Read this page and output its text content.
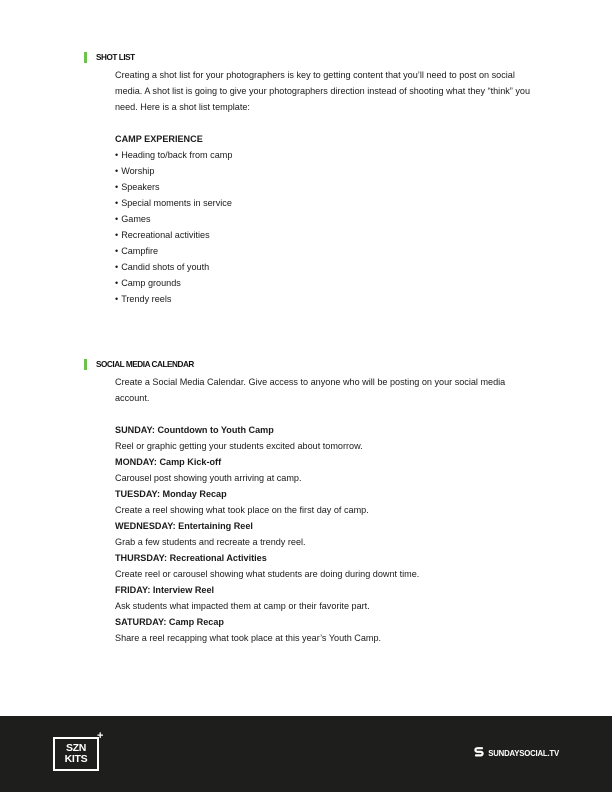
SHOT LIST

Creating a shot list for your photographers is key to getting content that you’ll need to post on social media. A shot list is going to give your photographers direction instead of shooting what they “think” you need. Here is a shot list template:

CAMP EXPERIENCE

• Heading to/back from camp
• Worship
• Speakers
• Special moments in service
• Games
• Recreational activities
• Campfire
• Candid shots of youth
• Camp grounds
• Trendy reels
SOCIAL MEDIA CALENDAR

Create a Social Media Calendar. Give access to anyone who will be posting on your social media account.

SUNDAY: Countdown to Youth Camp

Reel or graphic getting your students excited about tomorrow.

MONDAY: Camp Kick-off

Carousel post showing youth arriving at camp.

TUESDAY: Monday Recap

Create a reel showing what took place on the first day of camp.

WEDNESDAY: Entertaining Reel

Grab a few students and recreate a trendy reel.

THURSDAY: Recreational Activities

Create reel or carousel showing what students are doing during downt time.

FRIDAY: Interview Reel

Ask students what impacted them at camp or their favorite part.

SATURDAY: Camp Recap

Share a reel recapping what took place at this year’s Youth Camp.

SZN
KITS
+
SUNDAYSOCIAL.TV
